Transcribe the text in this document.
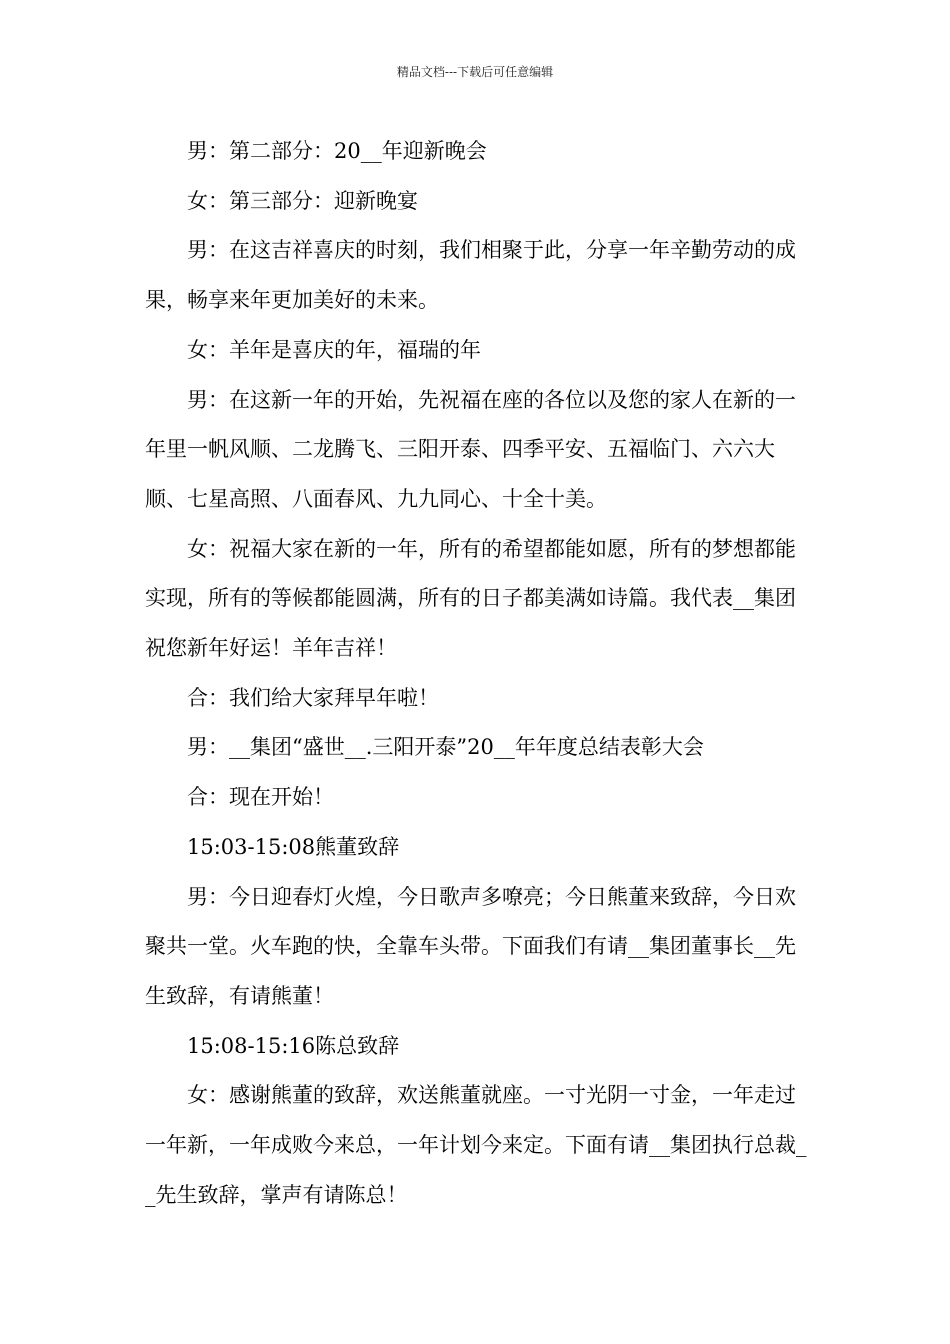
精品文档---下载后可任意编辑

男：第二部分：20__年迎新晚会

女：第三部分：迎新晚宴

男：在这吉祥喜庆的时刻，我们相聚于此，分享一年辛勤劳动的成果，畅享来年更加美好的未来。

女：羊年是喜庆的年，福瑞的年

男：在这新一年的开始，先祝福在座的各位以及您的家人在新的一年里一帆风顺、二龙腾飞、三阳开泰、四季平安、五福临门、六六大顺、七星高照、八面春风、九九同心、十全十美。

女：祝福大家在新的一年，所有的希望都能如愿，所有的梦想都能实现，所有的等候都能圆满，所有的日子都美满如诗篇。我代表__集团祝您新年好运！羊年吉祥！

合：我们给大家拜早年啦！

男：__集团“盛世__.三阳开泰”20__年年度总结表彰大会

合：现在开始！

15:03-15:08熊董致辞

男：今日迎春灯火煌，今日歌声多嘹亮；今日熊董来致辞，今日欢聚共一堂。火车跑的快，全靠车头带。下面我们有请__集团董事长__先生致辞，有请熊董！

15:08-15:16陈总致辞

女：感谢熊董的致辞，欢送熊董就座。一寸光阴一寸金，一年走过一年新，一年成败今来总，一年计划今来定。下面有请__集团执行总裁__先生致辞，掌声有请陈总！
